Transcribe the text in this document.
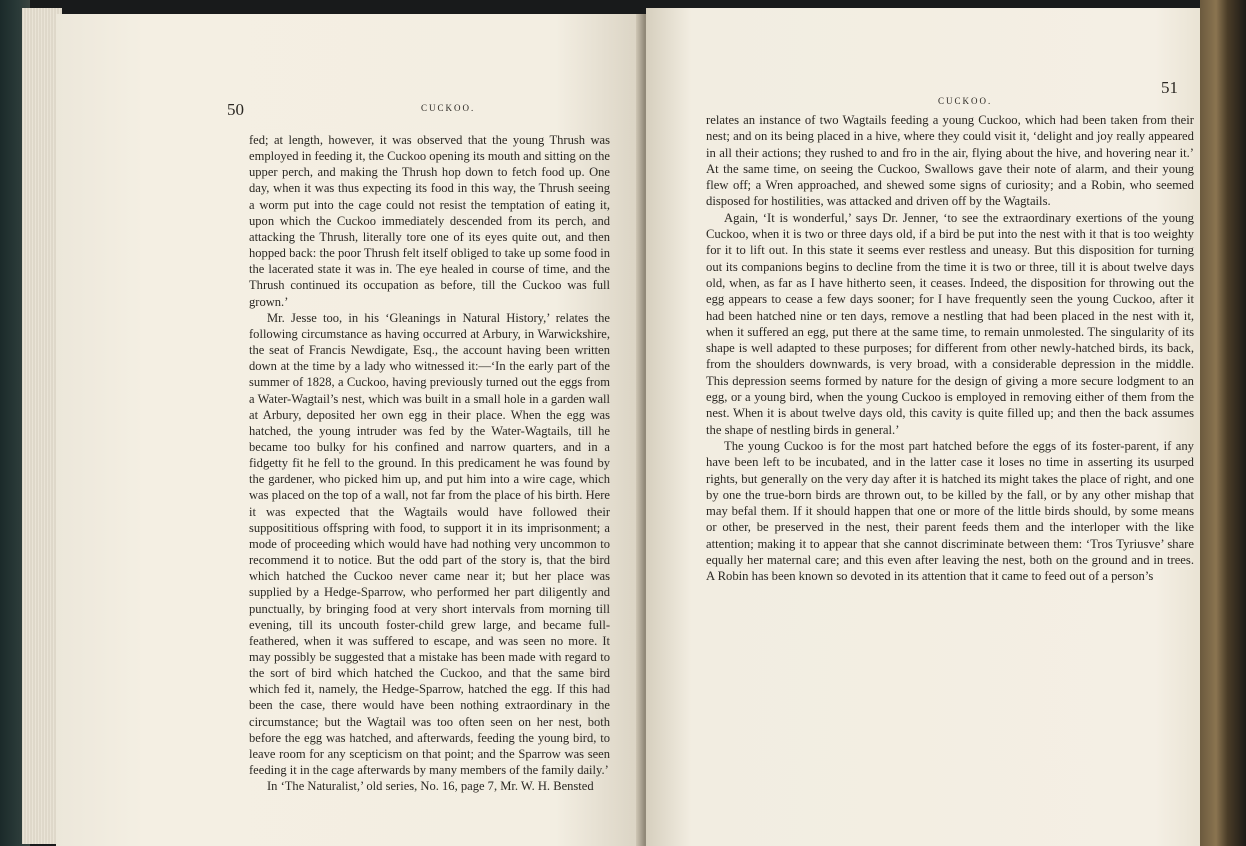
50	CUCKOO.

fed; at length, however, it was observed that the young Thrush was employed in feeding it, the Cuckoo opening its mouth and sitting on the upper perch, and making the Thrush hop down to fetch food up. One day, when it was thus expecting its food in this way, the Thrush seeing a worm put into the cage could not resist the temptation of eating it, upon which the Cuckoo immediately descended from its perch, and attacking the Thrush, literally tore one of its eyes quite out, and then hopped back: the poor Thrush felt itself obliged to take up some food in the lacerated state it was in. The eye healed in course of time, and the Thrush continued its occupation as before, till the Cuckoo was full grown.’

Mr. Jesse too, in his ‘Gleanings in Natural History,’ relates the following circumstance as having occurred at Arbury, in Warwickshire, the seat of Francis Newdigate, Esq., the account having been written down at the time by a lady who witnessed it:—‘In the early part of the summer of 1828, a Cuckoo, having previously turned out the eggs from a Water-Wagtail’s nest, which was built in a small hole in a garden wall at Arbury, deposited her own egg in their place. When the egg was hatched, the young intruder was fed by the Water-Wagtails, till he became too bulky for his confined and narrow quarters, and in a fidgetty fit he fell to the ground. In this predicament he was found by the gardener, who picked him up, and put him into a wire cage, which was placed on the top of a wall, not far from the place of his birth. Here it was expected that the Wagtails would have followed their supposititious offspring with food, to support it in its imprisonment; a mode of proceeding which would have had nothing very uncommon to recommend it to notice. But the odd part of the story is, that the bird which hatched the Cuckoo never came near it; but her place was supplied by a Hedge-Sparrow, who performed her part diligently and punctually, by bringing food at very short intervals from morning till evening, till its uncouth foster-child grew large, and became full-feathered, when it was suffered to escape, and was seen no more. It may possibly be suggested that a mistake has been made with regard to the sort of bird which hatched the Cuckoo, and that the same bird which fed it, namely, the Hedge-Sparrow, hatched the egg. If this had been the case, there would have been nothing extraordinary in the circumstance; but the Wagtail was too often seen on her nest, both before the egg was hatched, and afterwards, feeding the young bird, to leave room for any scepticism on that point; and the Sparrow was seen feeding it in the cage afterwards by many members of the family daily.’

In ‘The Naturalist,’ old series, No. 16, page 7, Mr. W. H. Bensted

CUCKOO.
51

relates an instance of two Wagtails feeding a young Cuckoo, which had been taken from their nest; and on its being placed in a hive, where they could visit it, ‘delight and joy really appeared in all their actions; they rushed to and fro in the air, flying about the hive, and hovering near it.’ At the same time, on seeing the Cuckoo, Swallows gave their note of alarm, and their young flew off; a Wren approached, and shewed some signs of curiosity; and a Robin, who seemed disposed for hostilities, was attacked and driven off by the Wagtails.

Again, ‘It is wonderful,’ says Dr. Jenner, ‘to see the extraordinary exertions of the young Cuckoo, when it is two or three days old, if a bird be put into the nest with it that is too weighty for it to lift out. In this state it seems ever restless and uneasy. But this disposition for turning out its companions begins to decline from the time it is two or three, till it is about twelve days old, when, as far as I have hitherto seen, it ceases. Indeed, the disposition for throwing out the egg appears to cease a few days sooner; for I have frequently seen the young Cuckoo, after it had been hatched nine or ten days, remove a nestling that had been placed in the nest with it, when it suffered an egg, put there at the same time, to remain unmolested. The singularity of its shape is well adapted to these purposes; for different from other newly-hatched birds, its back, from the shoulders downwards, is very broad, with a considerable depression in the middle. This depression seems formed by nature for the design of giving a more secure lodgment to an egg, or a young bird, when the young Cuckoo is employed in removing either of them from the nest. When it is about twelve days old, this cavity is quite filled up; and then the back assumes the shape of nestling birds in general.’

The young Cuckoo is for the most part hatched before the eggs of its foster-parent, if any have been left to be incubated, and in the latter case it loses no time in asserting its usurped rights, but generally on the very day after it is hatched its might takes the place of right, and one by one the true-born birds are thrown out, to be killed by the fall, or by any other mishap that may befal them. If it should happen that one or more of the little birds should, by some means or other, be preserved in the nest, their parent feeds them and the interloper with the like attention; making it to appear that she cannot discriminate between them: ‘Tros Tyriusve’ share equally her maternal care; and this even after leaving the nest, both on the ground and in trees. A Robin has been known so devoted in its attention that it came to feed out of a person’s
